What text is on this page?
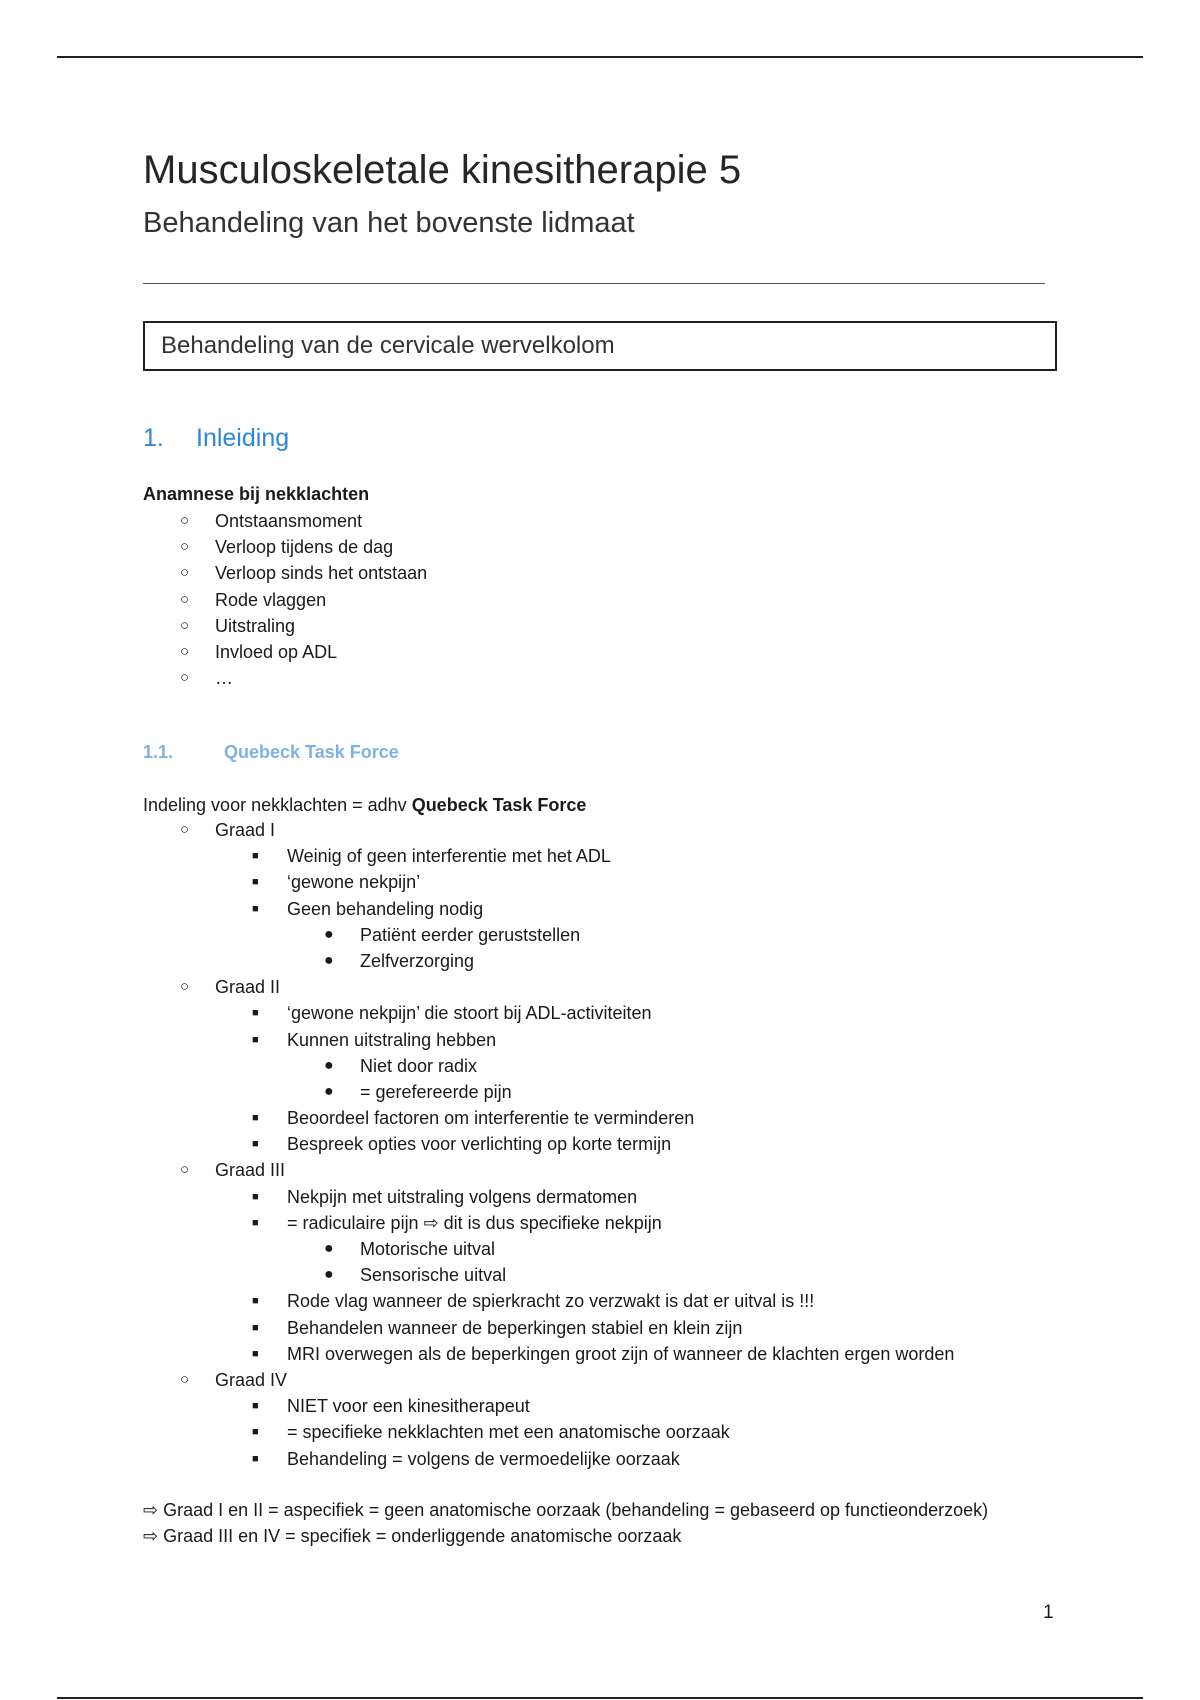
Musculoskeletale kinesitherapie 5
Behandeling van het bovenste lidmaat
Behandeling van de cervicale wervelkolom
1. Inleiding
Anamnese bij nekklachten
○ Ontstaansmoment
○ Verloop tijdens de dag
○ Verloop sinds het ontstaan
○ Rode vlaggen
○ Uitstraling
○ Invloed op ADL
○ …
1.1.	Quebeck Task Force
Indeling voor nekklachten = adhv Quebeck Task Force
○ Graad I
■ Weinig of geen interferentie met het ADL
■ ‘gewone nekpijn’
■ Geen behandeling nodig
● Patiënt eerder geruststellen
● Zelfverzorging
○ Graad II
■ ‘gewone nekpijn’ die stoort bij ADL-activiteiten
■ Kunnen uitstraling hebben
● Niet door radix
● = gerefereerde pijn
■ Beoordeel factoren om interferentie te verminderen
■ Bespreek opties voor verlichting op korte termijn
○ Graad III
■ Nekpijn met uitstraling volgens dermatomen
■ = radiculaire pijn ⇨ dit is dus specifieke nekpijn
● Motorische uitval
● Sensorische uitval
■ Rode vlag wanneer de spierkracht zo verzwakt is dat er uitval is !!!
■ Behandelen wanneer de beperkingen stabiel en klein zijn
■ MRI overwegen als de beperkingen groot zijn of wanneer de klachten ergen worden
○ Graad IV
■ NIET voor een kinesitherapeut
■ = specifieke nekklachten met een anatomische oorzaak
■ Behandeling = volgens de vermoedelijke oorzaak
⇨ Graad I en II = aspecifiek = geen anatomische oorzaak (behandeling = gebaseerd op functieonderzoek)
⇨ Graad III en IV = specifiek = onderliggende anatomische oorzaak
1
